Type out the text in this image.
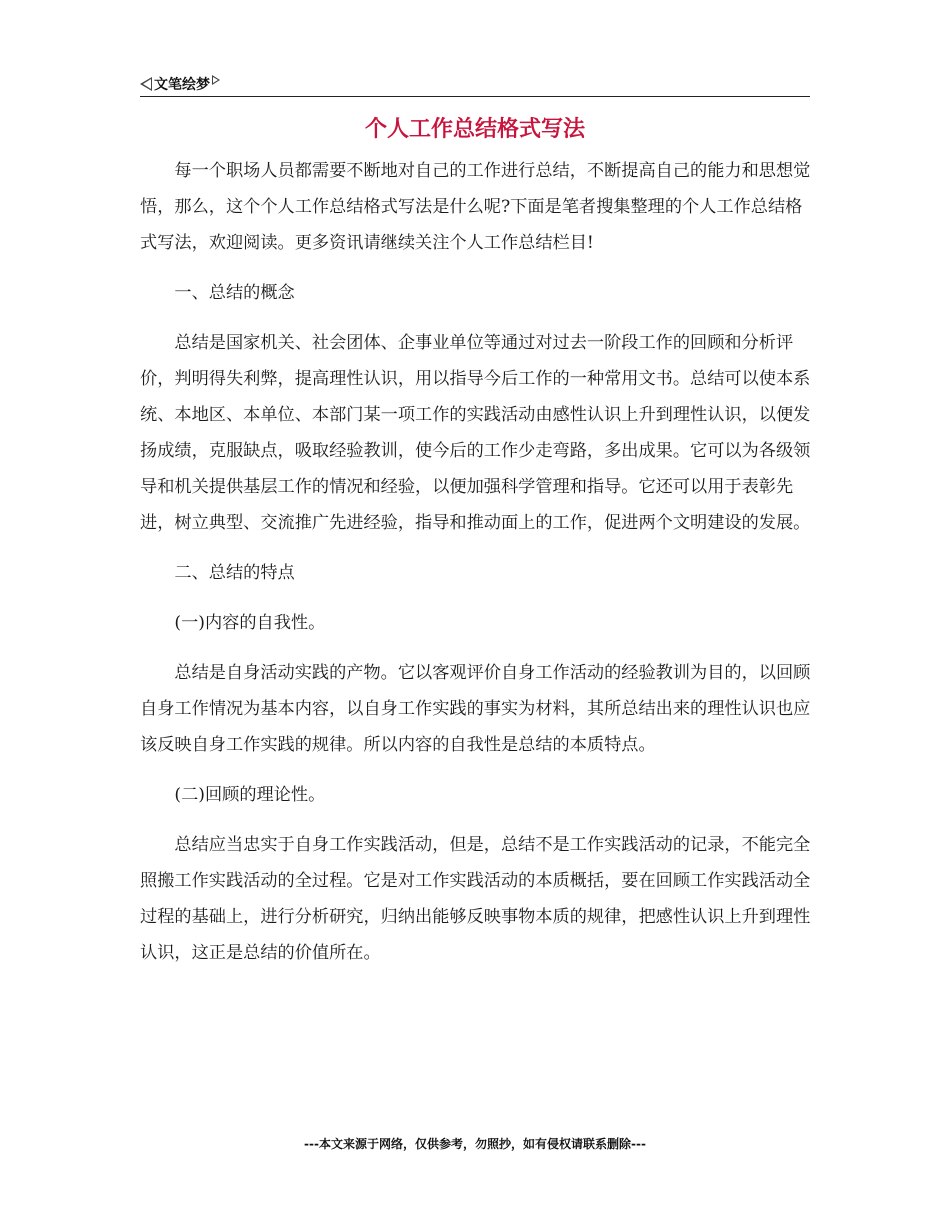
文笔绘梦
个人工作总结格式写法

每一个职场人员都需要不断地对自己的工作进行总结，不断提高自己的能力和思想觉悟，那么，这个个人工作总结格式写法是什么呢?下面是笔者搜集整理的个人工作总结格式写法，欢迎阅读。更多资讯请继续关注个人工作总结栏目!

一、总结的概念

总结是国家机关、社会团体、企事业单位等通过对过去一阶段工作的回顾和分析评价，判明得失利弊，提高理性认识，用以指导今后工作的一种常用文书。总结可以使本系统、本地区、本单位、本部门某一项工作的实践活动由感性认识上升到理性认识，以便发扬成绩，克服缺点，吸取经验教训，使今后的工作少走弯路，多出成果。它可以为各级领导和机关提供基层工作的情况和经验，以便加强科学管理和指导。它还可以用于表彰先进，树立典型、交流推广先进经验，指导和推动面上的工作，促进两个文明建设的发展。

二、总结的特点

(一)内容的自我性。

总结是自身活动实践的产物。它以客观评价自身工作活动的经验教训为目的，以回顾自身工作情况为基本内容，以自身工作实践的事实为材料，其所总结出来的理性认识也应该反映自身工作实践的规律。所以内容的自我性是总结的本质特点。

(二)回顾的理论性。

总结应当忠实于自身工作实践活动，但是，总结不是工作实践活动的记录，不能完全照搬工作实践活动的全过程。它是对工作实践活动的本质概括，要在回顾工作实践活动全过程的基础上，进行分析研究，归纳出能够反映事物本质的规律，把感性认识上升到理性认识，这正是总结的价值所在。

---本文来源于网络，仅供参考，勿照抄，如有侵权请联系删除---
